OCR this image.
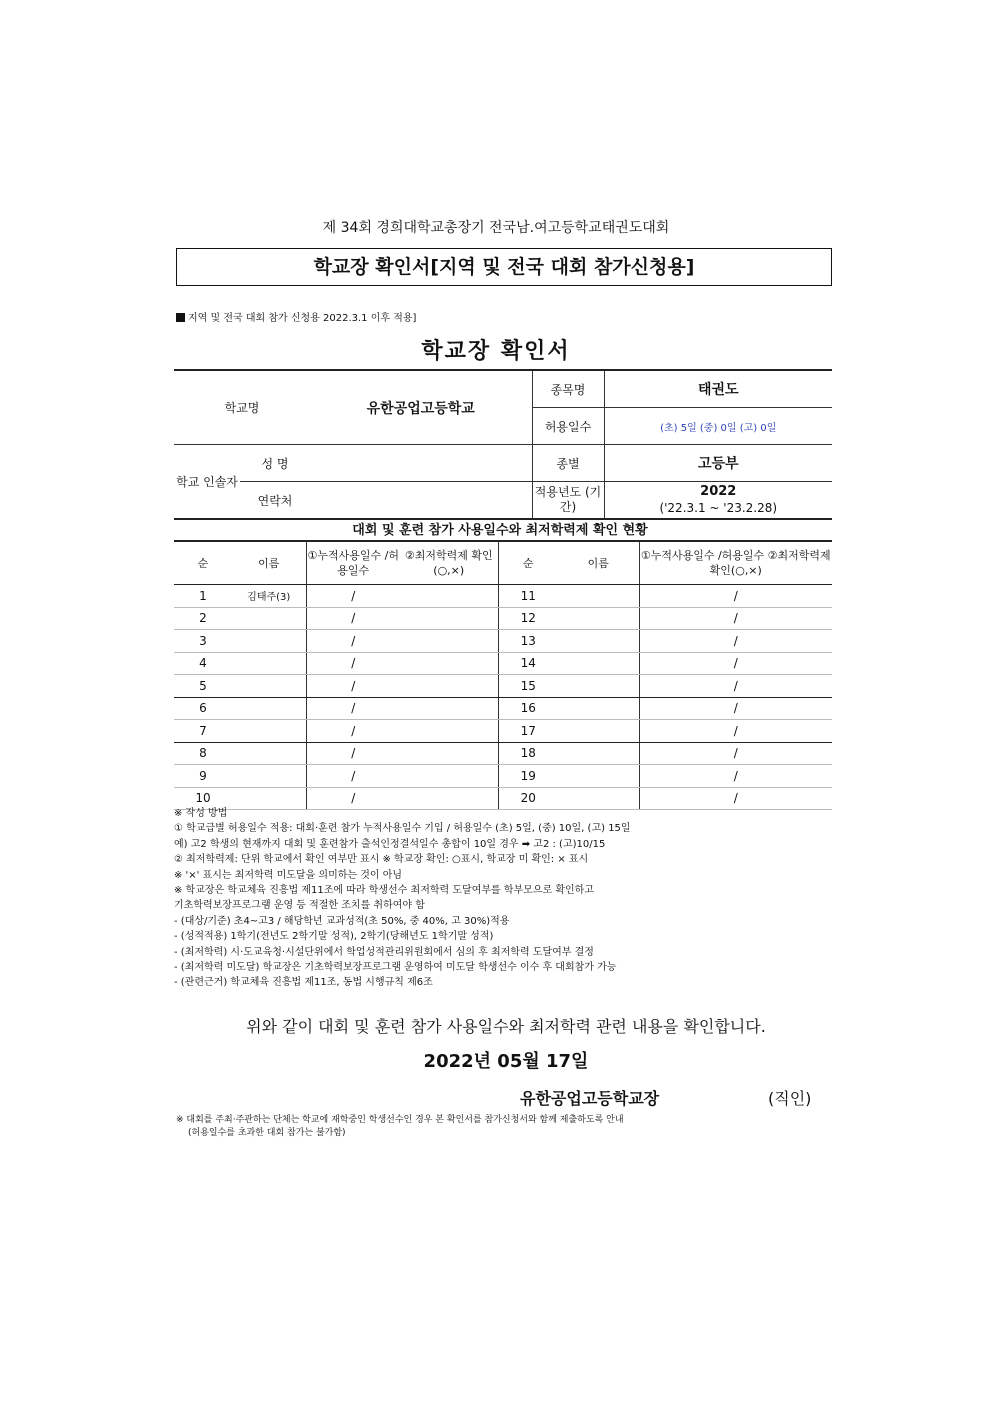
제 34회 경희대학교총장기 전국남.여고등학교태권도대회
학교장 확인서[지역 및 전국 대회 참가신청용]
지역 및 전국 대회 참가 신청용 2022.3.1 이후 적용]
학교장 확인서
학교명		유한공업고등학교	종목명	태권도
			허용일수	(초) 5일 (중) 0일 (고) 0일
학교 인솔자	성 명		종별	고등부
	연락처		적용년도 (기간)	2022
('22.3.1 ~ '23.2.28)
대회 및 훈련 참가 사용일수와 최저학력제 확인 현황
순	이름	①누적사용일수 /허용일수	②최저학력제 확인(○,×)	순	이름	①누적사용일수 /허용일수 ②최저학력제 확인(○,×)
1	김태주(3)	/		11		/
2		/		12		/
3		/		13		/
4		/		14		/
5		/		15		/
6		/		16		/
7		/		17		/
8		/		18		/
9		/		19		/
10		/		20		/
※ 작성 방법
① 학교급별 허용일수 적용: 대회·훈련 참가 누적사용일수 기입 / 허용일수 (초) 5일, (중) 10일, (고) 15일
예) 고2 학생의 현재까지 대회 및 훈련참가 출석인정결석일수 총합이 10일 경우 ➡ 고2 : (고)10/15
② 최저학력제: 단위 학교에서 확인 여부만 표시 ※ 학교장 확인: ○표시, 학교장 미 확인: × 표시
※ '×' 표시는 최저학력 미도달을 의미하는 것이 아님
※ 학교장은 학교체육 진흥법 제11조에 따라 학생선수 최저학력 도달여부를 학부모으로 확인하고
기초학력보장프로그램 운영 등 적절한 조치를 취하여야 함
- (대상/기준) 초4~고3 / 해당학년 교과성적(초 50%, 중 40%, 고 30%)적용
- (성적적용) 1학기(전년도 2학기말 성적), 2학기(당해년도 1학기말 성적)
- (최저학력) 시·도교육청·시설단위에서 학업성적관리위원회에서 심의 후 최저학력 도달여부 결정
- (최저학력 미도달) 학교장은 기초학력보장프로그램 운영하여 미도달 학생선수 이수 후 대회참가 가능
- (관련근거) 학교체육 진흥법 제11조, 동법 시행규칙 제6조
위와 같이 대회 및 훈련 참가 사용일수와 최저학력 관련 내용을 확인합니다.
2022년 05월 17일
유한공업고등학교장	(직인)
※ 대회를 주최·주관하는 단체는 학교에 재학중인 학생선수인 경우 본 확인서를 참가신청서와 함께 제출하도록 안내
(허용일수를 초과한 대회 참가는 불가함)
